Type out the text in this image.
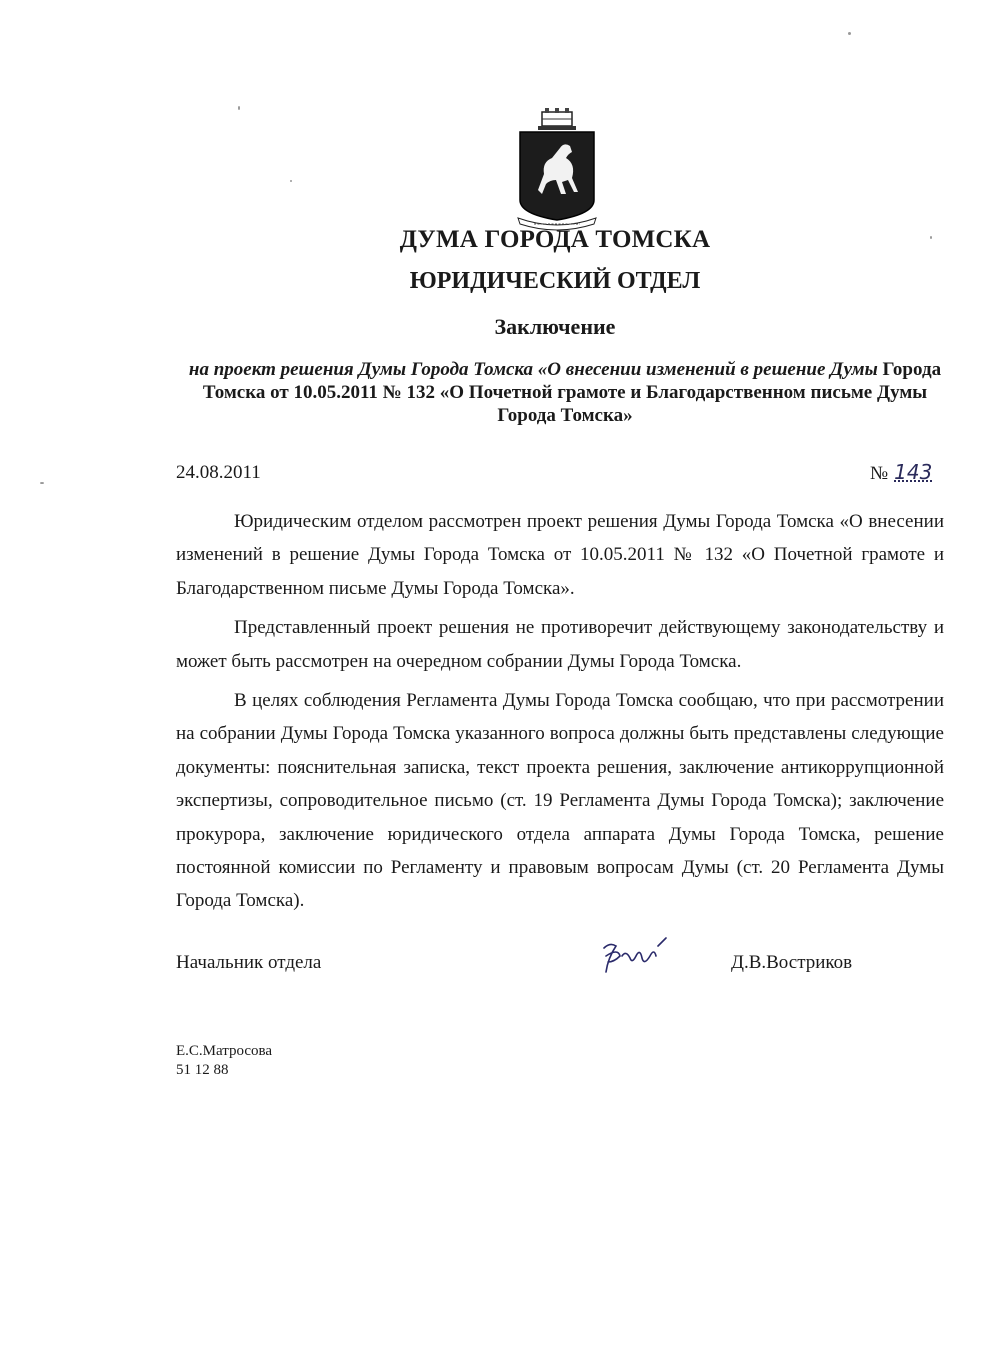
ДУМА ГОРОДА ТОМСКА
ЮРИДИЧЕСКИЙ ОТДЕЛ
Заключение
на проект решения Думы Города Томска «О внесении изменений в решение Думы Города Томска от 10.05.2011 № 132 «О Почетной грамоте и Благодарственном письме Думы Города Томска»
24.08.2011	№ 143

Юридическим отделом рассмотрен проект решения Думы Города Томска «О внесении изменений в решение Думы Города Томска от 10.05.2011 № 132 «О Почетной грамоте и Благодарственном письме Думы Города Томска».

Представленный проект решения не противоречит действующему законодательству и может быть рассмотрен на очередном собрании Думы Города Томска.

В целях соблюдения Регламента Думы Города Томска сообщаю, что при рассмотрении на собрании Думы Города Томска указанного вопроса должны быть представлены следующие документы: пояснительная записка, текст проекта решения, заключение антикоррупционной экспертизы, сопроводительное письмо (ст. 19 Регламента Думы Города Томска); заключение прокурора, заключение юридического отдела аппарата Думы Города Томска, решение постоянной комиссии по Регламенту и правовым вопросам Думы (ст. 20 Регламента Думы Города Томска).

Начальник отдела	Д.В.Востриков
Е.С.Матросова
51 12 88
